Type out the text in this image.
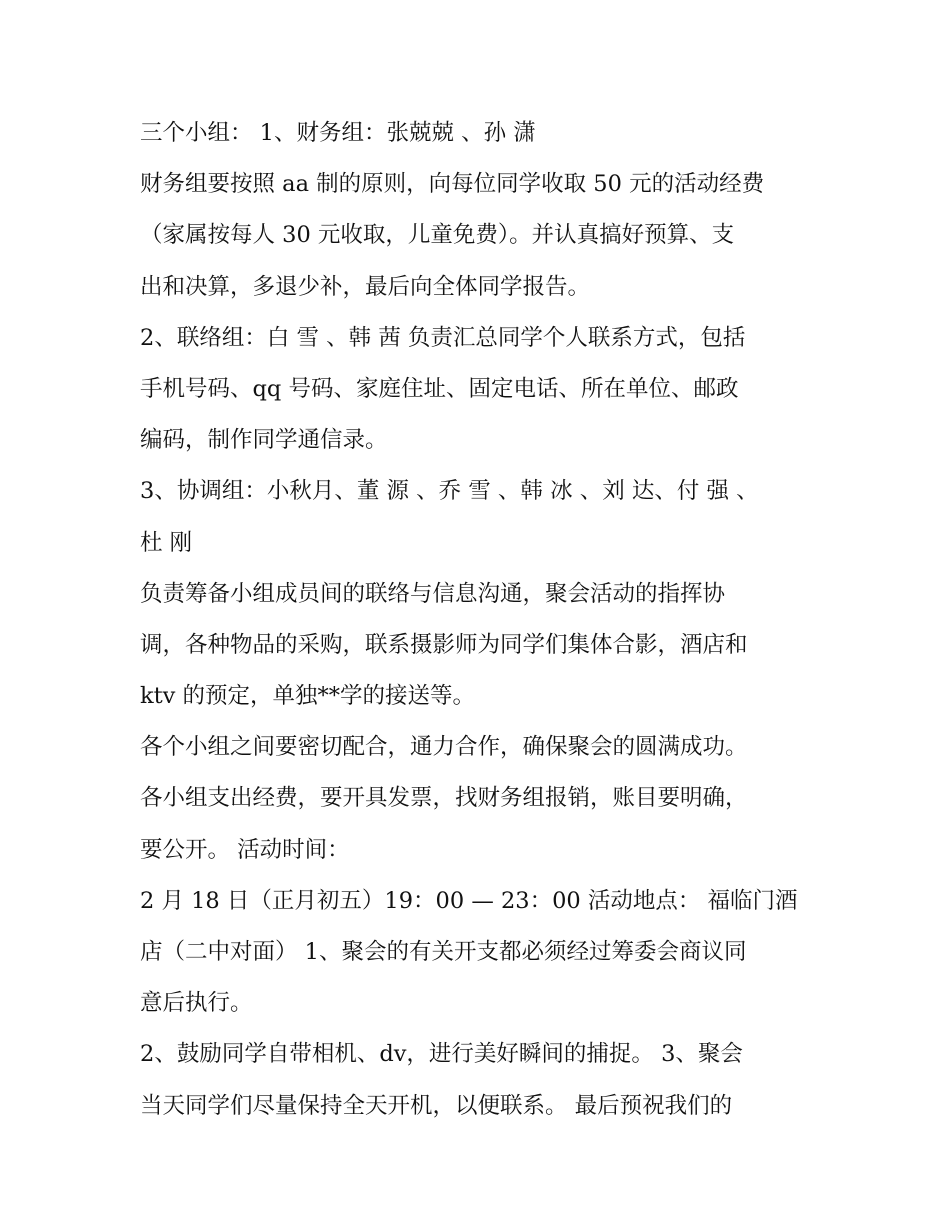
三个小组： 1、财务组：张兢兢 、孙 潇
财务组要按照 aa 制的原则，向每位同学收取 50 元的活动经费
（家属按每人 30 元收取，儿童免费）。并认真搞好预算、支
出和决算，多退少补，最后向全体同学报告。
2、联络组：白 雪 、韩 茜 负责汇总同学个人联系方式，包括
手机号码、qq 号码、家庭住址、固定电话、所在单位、邮政
编码，制作同学通信录。
3、协调组：小秋月、董 源 、乔 雪 、韩 冰 、刘 达、付 强 、
杜 刚
负责筹备小组成员间的联络与信息沟通，聚会活动的指挥协
调，各种物品的采购，联系摄影师为同学们集体合影，酒店和
ktv 的预定，单独**学的接送等。
各个小组之间要密切配合，通力合作，确保聚会的圆满成功。
各小组支出经费，要开具发票，找财务组报销，账目要明确，
要公开。 活动时间：
2 月 18 日（正月初五）19：00 — 23：00 活动地点： 福临门酒
店（二中对面） 1、聚会的有关开支都必须经过筹委会商议同
意后执行。
2、鼓励同学自带相机、dv，进行美好瞬间的捕捉。 3、聚会
当天同学们尽量保持全天开机，以便联系。 最后预祝我们的
